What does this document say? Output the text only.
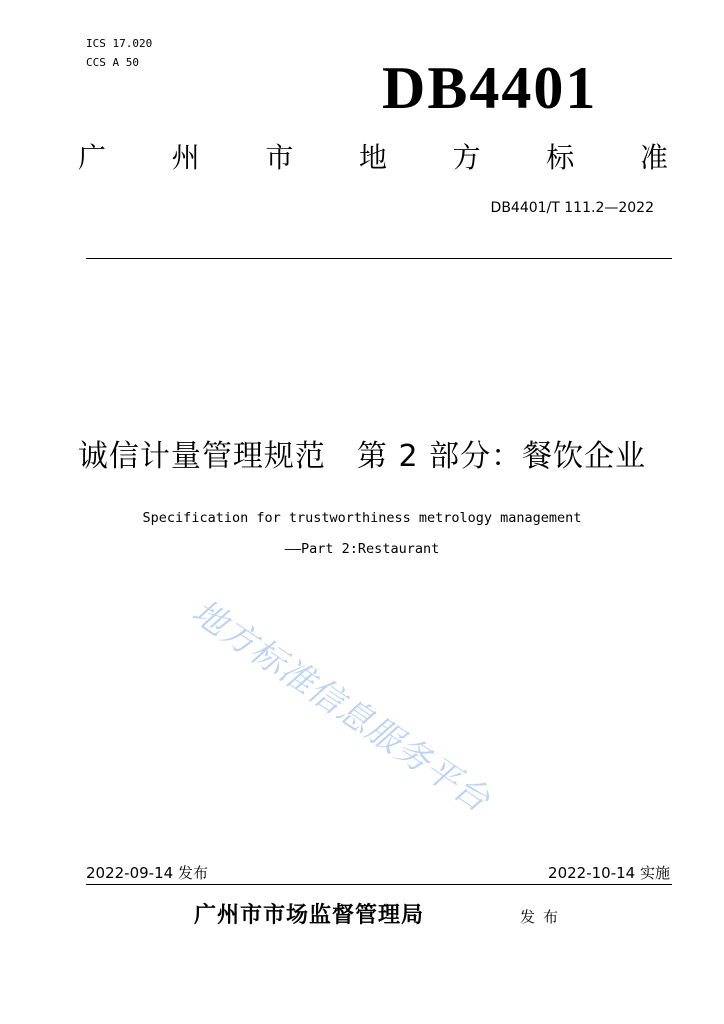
ICS 17.020
CCS A 50	DB4401
广 州 市 地 方 标 准
DB4401/T 111.2—2022
诚信计量管理规范　第 2 部分：餐饮企业
Specification for trustworthiness metrology management
——Part 2:Restaurant
地方标准信息服务平台
2022-09-14 发布	2022-10-14 实施
广州市市场监督管理局	发布
